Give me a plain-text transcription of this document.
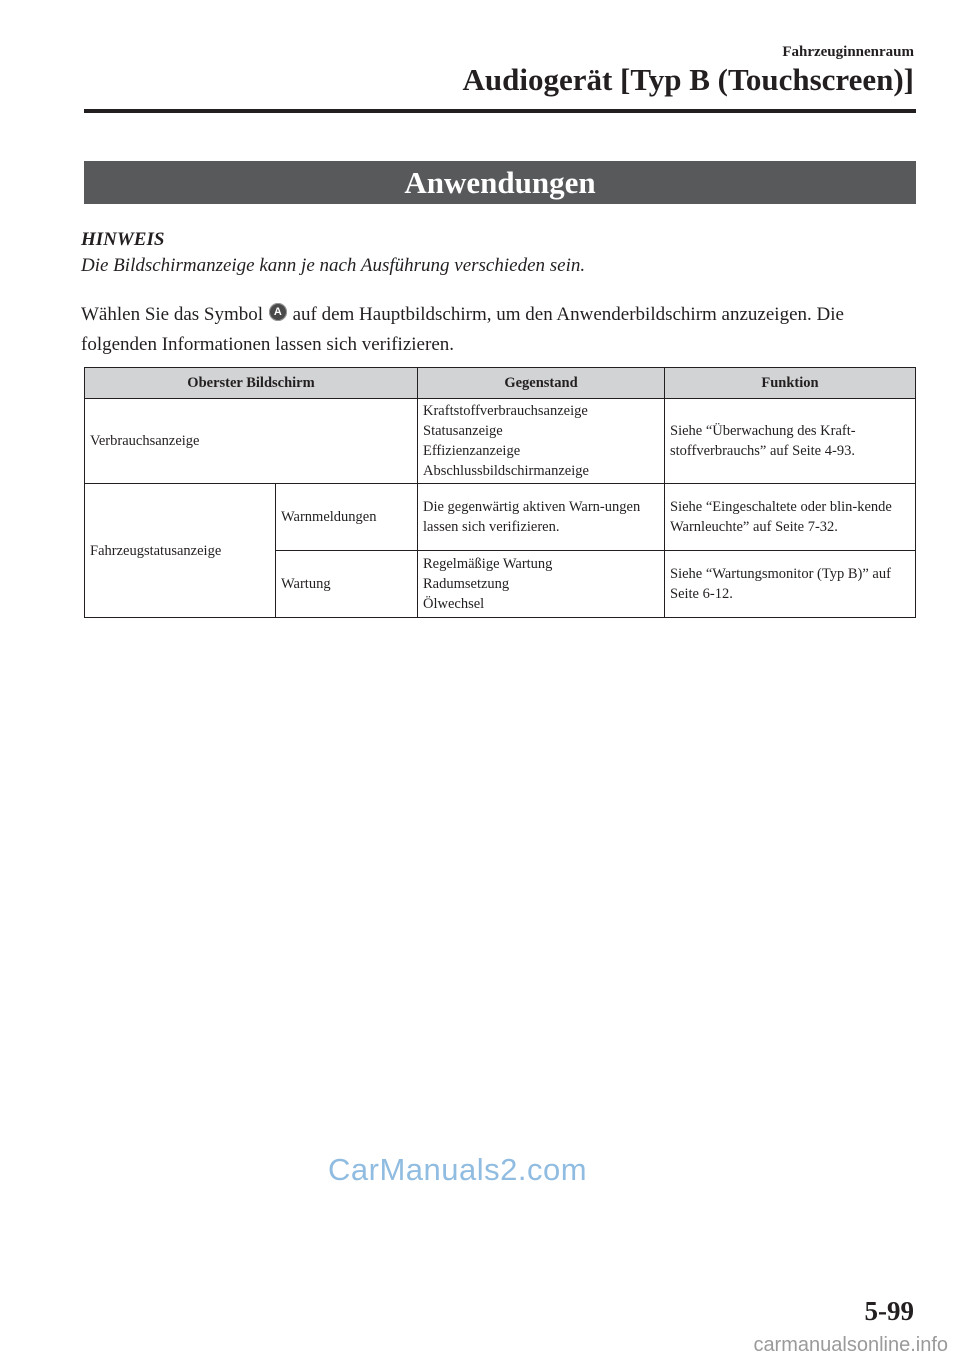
Fahrzeuginnenraum
Audiogerät [Typ B (Touchscreen)]
Anwendungen
HINWEIS
Die Bildschirmanzeige kann je nach Ausführung verschieden sein.
Wählen Sie das Symbol A auf dem Hauptbildschirm, um den Anwenderbildschirm anzuzeigen. Die folgenden Informationen lassen sich verifizieren.
Oberster Bildschirm		Gegenstand	Funktion
Verbrauchsanzeige		Kraftstoffverbrauchsanzeige
Statusanzeige
Effizienzanzeige
Abschlussbildschirmanzeige	Siehe “Überwachung des Kraft-stoffverbrauchs” auf Seite 4-93.
Fahrzeugstatusanzeige	Warnmeldungen	Die gegenwärtig aktiven Warn-ungen lassen sich verifizieren.	Siehe “Eingeschaltete oder blin-kende Warnleuchte” auf Seite 7-32.
	Wartung	Regelmäßige Wartung
Radumsetzung
Ölwechsel	Siehe “Wartungsmonitor (Typ B)” auf Seite 6-12.
CarManuals2.com
5-99
carmanualsonline.info
